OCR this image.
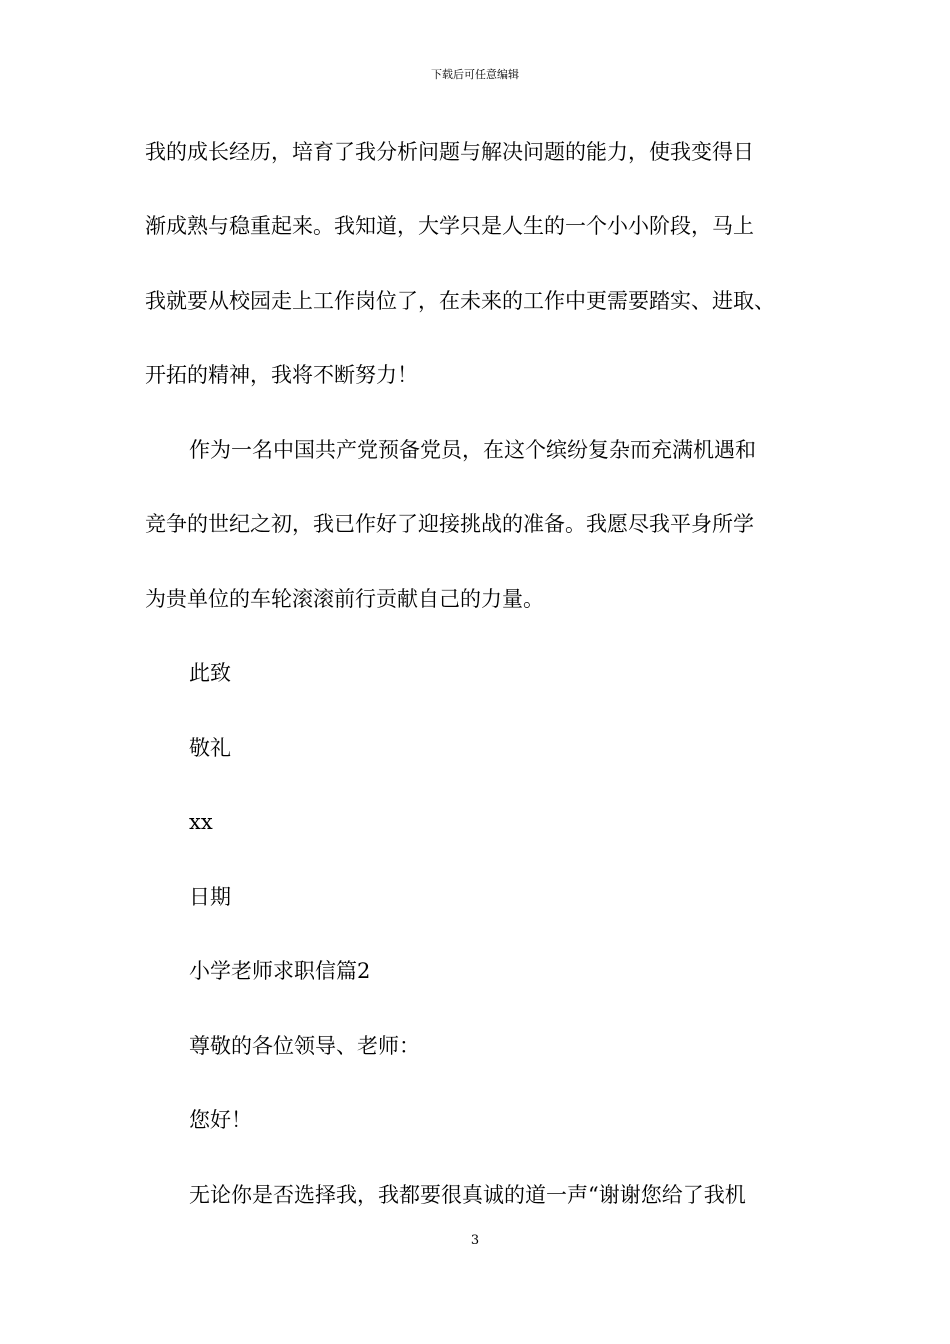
下载后可任意编辑
我的成长经历，培育了我分析问题与解决问题的能力，使我变得日
渐成熟与稳重起来。我知道，大学只是人生的一个小小阶段，马上
我就要从校园走上工作岗位了，在未来的工作中更需要踏实、进取、
开拓的精神，我将不断努力！
作为一名中国共产党预备党员，在这个缤纷复杂而充满机遇和
竞争的世纪之初，我已作好了迎接挑战的准备。我愿尽我平身所学
为贵单位的车轮滚滚前行贡献自己的力量。
此致
敬礼
xx
日期
小学老师求职信篇2
尊敬的各位领导、老师：
您好！
无论你是否选择我，我都要很真诚的道一声“谢谢您给了我机
3
